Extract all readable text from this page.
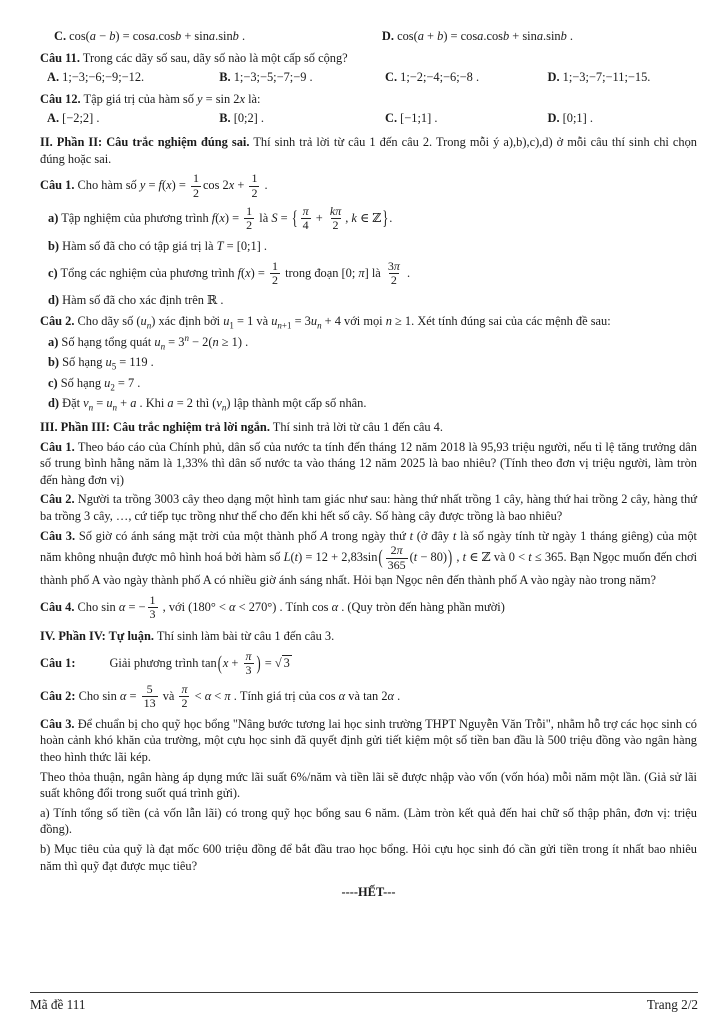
C. cos(a − b) = cosa.cosb + sina.sinb .	D. cos(a + b) = cosa.cosb + sina.sinb .
Câu 11. Trong các dãy số sau, dãy số nào là một cấp số cộng?
A. 1;−3;−6;−9;−12.	B. 1;−3;−5;−7;−9 .	C. 1;−2;−4;−6;−8 .	D. 1;−3;−7;−11;−15.
Câu 12. Tập giá trị của hàm số y = sin 2x là:
A. [−2;2] .	B. [0;2] .	C. [−1;1] .	D. [0;1] .
II. Phần II: Câu trắc nghiệm đúng sai. Thí sinh trả lời từ câu 1 đến câu 2. Trong mỗi ý a),b),c),d) ở mỗi câu thí sinh chỉ chọn đúng hoặc sai.
Câu 1. Cho hàm số $y = f(x) = \frac{1}{2}$ $\cos 2x + \frac{1}{2}$ .
a) Tập nghiệm của phương trình $f(x) = \frac{1}{2}$ là S = { $\frac{\pi}{4} + \frac{k\pi}{2}$ , k ∈ ℤ}.
b) Hàm số đã cho có tập giá trị là T = [0;1] .
c) Tổng các nghiệm của phương trình $f(x) = \frac{1}{2}$ trong đoạn [0; π] là $\frac{3\pi}{2}$ .
d) Hàm số đã cho xác định trên ℝ .
Câu 2. Cho dãy số $(u_n)$ xác định bởi $u_1 = 1$ và $u_{n+1} = 3u_n + 4$ với mọi n ≥ 1. Xét tính đúng sai của các mệnh đề sau:
a) Số hạng tổng quát $u_n = 3^n - 2(n \ge 1)$ .
b) Số hạng $u_5 = 119$ .
c) Số hạng $u_2 = 7$ .
d) Đặt $v_n = u_n + a$ . Khi a = 2 thì $(v_n)$ lập thành một cấp số nhân.
III. Phần III: Câu trắc nghiệm trả lời ngắn. Thí sinh trả lời từ câu 1 đến câu 4.
Câu 1. Theo báo cáo của Chính phủ, dân số của nước ta tính đến tháng 12 năm 2018 là 95,93 triệu người, nếu tỉ lệ tăng trưởng dân số trung bình hằng năm là 1,33% thì dân số nước ta vào tháng 12 năm 2025 là bao nhiêu? (Tính theo đơn vị triệu người, làm tròn đến hàng đơn vị)
Câu 2. Người ta trồng 3003 cây theo dạng một hình tam giác như sau: hàng thứ nhất trồng 1 cây, hàng thứ hai trồng 2 cây, hàng thứ ba trồng 3 cây, …, cứ tiếp tục trồng như thế cho đến khi hết số cây. Số hàng cây được trồng là bao nhiêu?
Câu 3. Số giờ có ánh sáng mặt trời của một thành phố A trong ngày thứ t (ở đây t là số ngày tính từ ngày 1 tháng giêng) của một năm không nhuận được mô hình hoá bởi hàm số $L(t) = 12 + 2,83\sin( \frac{2\pi}{365} (t - 80))$ , t ∈ ℤ và 0 < t ≤ 365. Bạn Ngọc muốn đến chơi thành phố A vào ngày thành phố A có nhiều giờ ánh sáng nhất. Hỏi bạn Ngọc nên đến thành phố A vào ngày nào trong năm?
Câu 4. Cho sin α = − $\frac{1}{3}$ , với (180° < α < 270°) . Tính cos α . (Quy tròn đến hàng phần mười)
IV. Phần IV: Tự luận. Thí sinh làm bài từ câu 1 đến câu 3.
Câu 1:	Giải phương trình $\tan(x + \frac{\pi}{3}$ ) = √ 3
Câu 2: Cho $\sin \alpha = \frac{5}{13}$ và $\frac{\pi}{2} < \alpha < \pi$ . Tính giá trị của cos α và tan 2α .
Câu 3. Để chuẩn bị cho quỹ học bổng "Nâng bước tương lai học sinh trường THPT Nguyễn Văn Trỗi", nhằm hỗ trợ các học sinh có hoàn cảnh khó khăn của trường, một cựu học sinh đã quyết định gửi tiết kiệm một số tiền ban đầu là 500 triệu đồng vào ngân hàng theo hình thức lãi kép.
Theo thỏa thuận, ngân hàng áp dụng mức lãi suất 6%/năm và tiền lãi sẽ được nhập vào vốn (vốn hóa) mỗi năm một lần. (Giả sử lãi suất không đổi trong suốt quá trình gửi).
a) Tính tổng số tiền (cả vốn lẫn lãi) có trong quỹ học bổng sau 6 năm. (Làm tròn kết quả đến hai chữ số thập phân, đơn vị: triệu đồng).
b) Mục tiêu của quỹ là đạt mốc 600 triệu đồng để bắt đầu trao học bổng. Hỏi cựu học sinh đó cần gửi tiền trong ít nhất bao nhiêu năm thì quỹ đạt được mục tiêu?
----HẾT---
Mã đề 111	Trang 2/2
